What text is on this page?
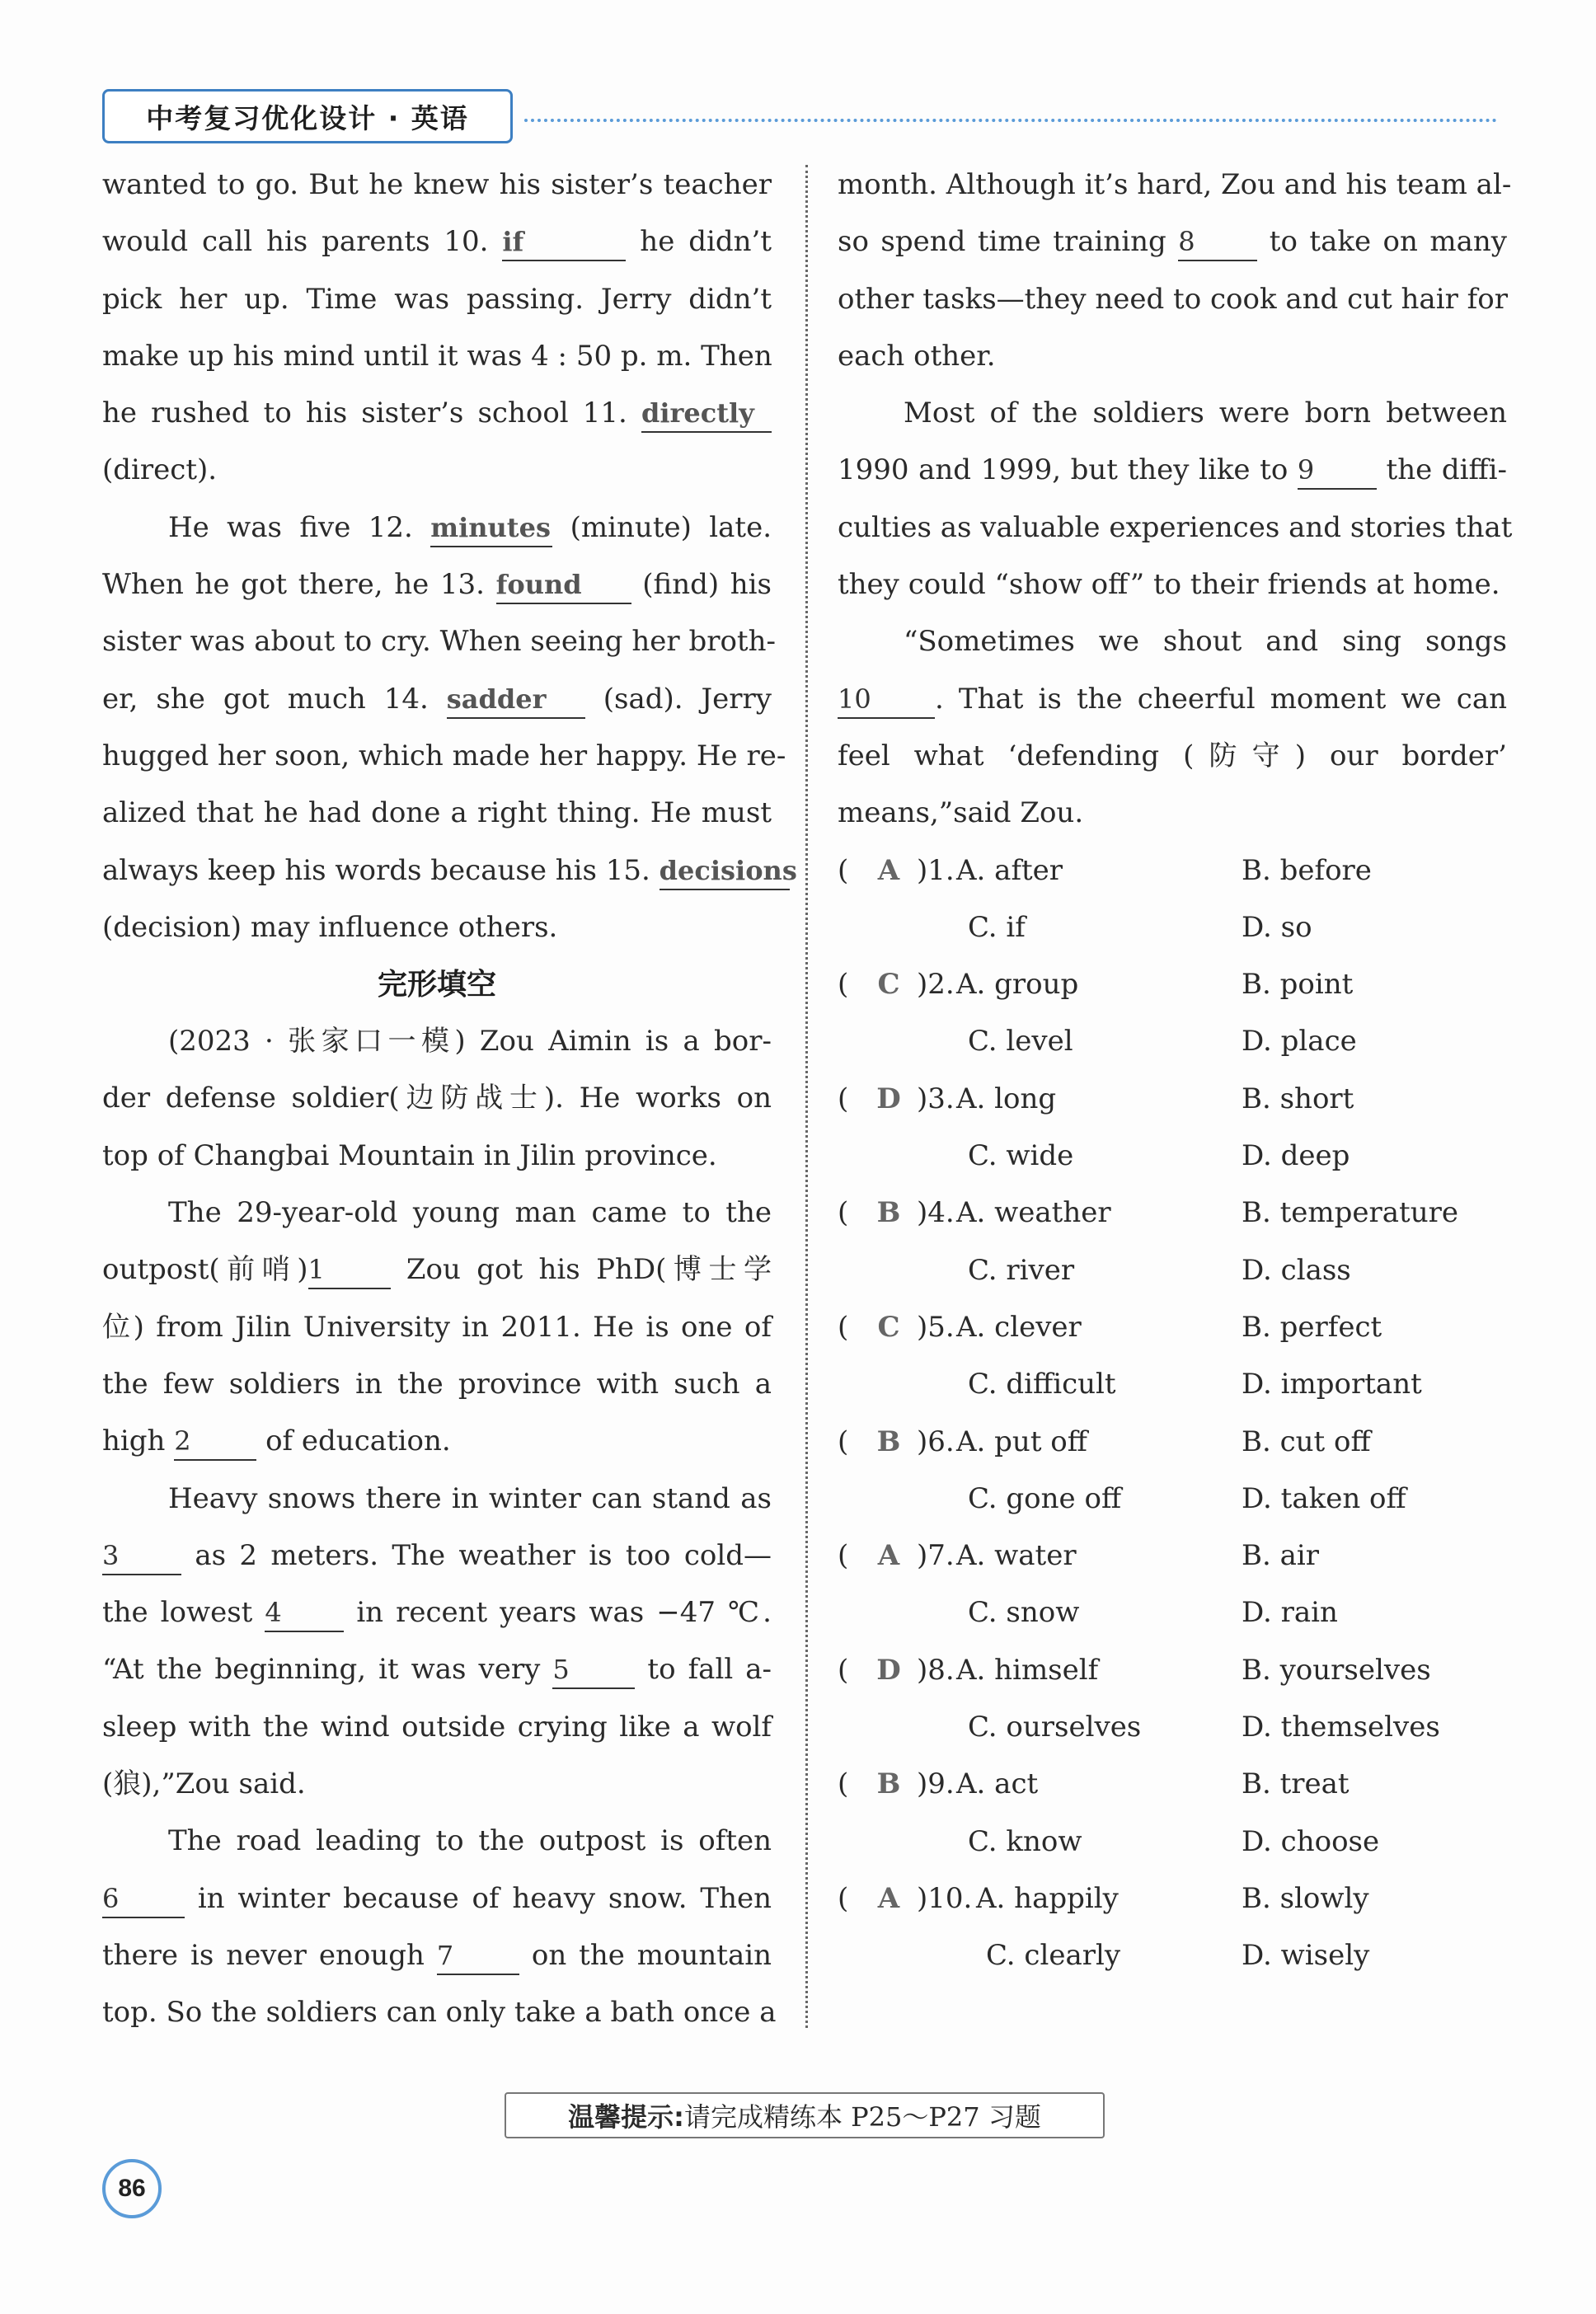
中考复习优化设计 · 英语
wanted to go. But he knew his sister’s teacher
would call his parents 10. if	he didn’t
pick her up. Time was passing. Jerry didn’t
make up his mind until it was 4 : 50 p. m. Then
he rushed to his sister’s school 11. directly
(direct).
He was five 12. minutes (minute) late.
When he got there, he 13. found (find) his
sister was about to cry. When seeing her broth-
er, she got much 14. sadder (sad). Jerry
hugged her soon, which made her happy. He re-
alized that he had done a right thing. He must
always keep his words because his 15. decisions
(decision) may influence others.
完形填空
(2023 · 张家口一模) Zou Aimin is a bor-
der defense soldier(边防战士). He works on
top of Changbai Mountain in Jilin province.
The 29-year-old young man came to the
outpost(前哨)1	Zou got his PhD(博士学
位) from Jilin University in 2011. He is one of
the few soldiers in the province with such a
high 2	of education.
Heavy snows there in winter can stand as
3	as 2 meters. The weather is too cold—
the lowest 4	in recent years was −47 ℃.
“At the beginning, it was very 5	to fall a-
sleep with the wind outside crying like a wolf
(狼),”Zou said.
The road leading to the outpost is often
6	in winter because of heavy snow. Then
there is never enough 7	on the mountain
top. So the soldiers can only take a bath once a
month. Although it’s hard, Zou and his team al-
so spend time training 8	to take on many
other tasks—they need to cook and cut hair for
each other.
Most of the soldiers were born between
1990 and 1999, but they like to 9	the diffi-
culties as valuable experiences and stories that
they could “show off” to their friends at home.
“Sometimes we shout and sing songs
10 . That is the cheerful moment we can
feel what ‘defending (防守) our border’
means,”said Zou.
( A )1. A. after	B. before
C. if	D. so
( C )2. A. group	B. point
C. level	D. place
( D )3. A. long	B. short
C. wide	D. deep
( B )4. A. weather	B. temperature
C. river	D. class
( C )5. A. clever	B. perfect
C. difficult	D. important
( B )6. A. put off	B. cut off
C. gone off	D. taken off
( A )7. A. water	B. air
C. snow	D. rain
( D )8. A. himself	B. yourselves
C. ourselves	D. themselves
( B )9. A. act	B. treat
C. know	D. choose
( A )10. A. happily	B. slowly
C. clearly	D. wisely
温馨提示: 请完成精练本 P25～P27 习题
86
